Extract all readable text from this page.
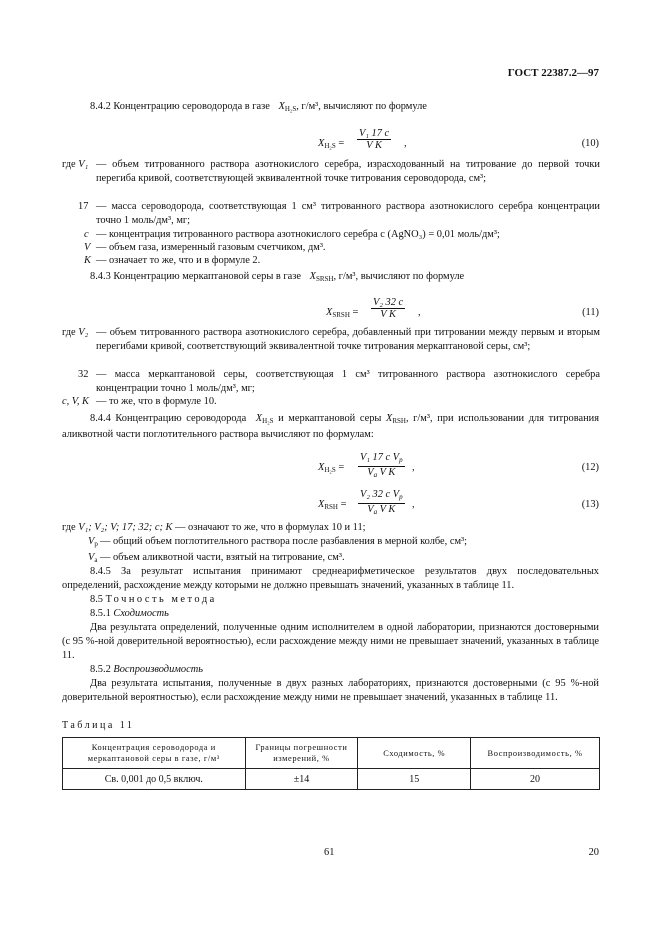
ГОСТ 22387.2—97
8.4.2 Концентрацию сероводорода в газе $X_{H_2S}$, г/м³, вычисляют по формуле
$X_{H_2S} = \frac{\text{V₁ 17 c}}{\text{V K}}$ ,	(10)
где V₁ — объем титрованного раствора азотнокислого серебра, израсходованный на титрование до первой точки перегиба кривой, соответствующей эквивалентной точке титрования сероводорода, см³;
17 — масса сероводорода, соответствующая 1 см³ титрованного раствора азотнокислого серебра концентрации точно 1 моль/дм³, мг;
c — концентрация титрованного раствора азотнокислого серебра c (AgNO₃) = 0,01 моль/дм³;
V — объем газа, измеренный газовым счетчиком, дм³.
K — означает то же, что и в формуле 2.
8.4.3 Концентрацию меркаптановой серы в газе $X_{SRSH}$, г/м³, вычисляют по формуле
$X_{SRSH} = \frac{\text{V₂ 32 c}}{\text{V K}}$ ,	(11)
где V₂ — объем титрованного раствора азотнокислого серебра, добавленный при титровании между первым и вторым перегибами кривой, соответствующий эквивалентной точке титрования меркаптановой серы, см³;
32 — масса меркаптановой серы, соответствующая 1 см³ титрованного раствора азотнокислого серебра концентрации точно 1 моль/дм³, мг;
c, V, K — то же, что в формуле 10.
8.4.4 Концентрацию сероводорода $X_{H_2S}$ и меркаптановой серы $X_{RSH}$, г/м³, при использовании для титрования аликвотной части поглотительного раствора вычисляют по формулам:
$X_{H_2S}$ =
V₁ 17 c $V_р$
$V_а$ V K	,	(12)
$X_{RSH}$ =
V₂ 32 c $V_р$
$V_а$ V K	,	(13)
где V₁; V₂; V; 17; 32; c; K — означают то же, что в формулах 10 и 11;
$V_р$ — общий объем поглотительного раствора после разбавления в мерной колбе, см³;
$V_а$ — объем аликвотной части, взятый на титрование, см³.
8.4.5 За результат испытания принимают среднеарифметическое результатов двух последовательных определений, расхождение между которыми не должно превышать значений, указанных в таблице 11.
8.5 Точность метода
8.5.1 Сходимость
Два результата определений, полученные одним исполнителем в одной лаборатории, признаются достоверными (с 95 %-ной доверительной вероятностью), если расхождение между ними не превышает значений, указанных в таблице 11.
8.5.2 Воспроизводимость
Два результата испытания, полученные в двух разных лабораториях, признаются достоверными (с 95 %-ной доверительной вероятностью), если расхождение между ними не превышает значений, указанных в таблице 11.
Таблица 11
Концентрация сероводорода и меркаптановой серы в газе, г/м³	Границы погрешности измерений, %	Сходимость, %	Воспроизводимость, %
Св. 0,001 до 0,5 включ.	±14	15	20
61	20
